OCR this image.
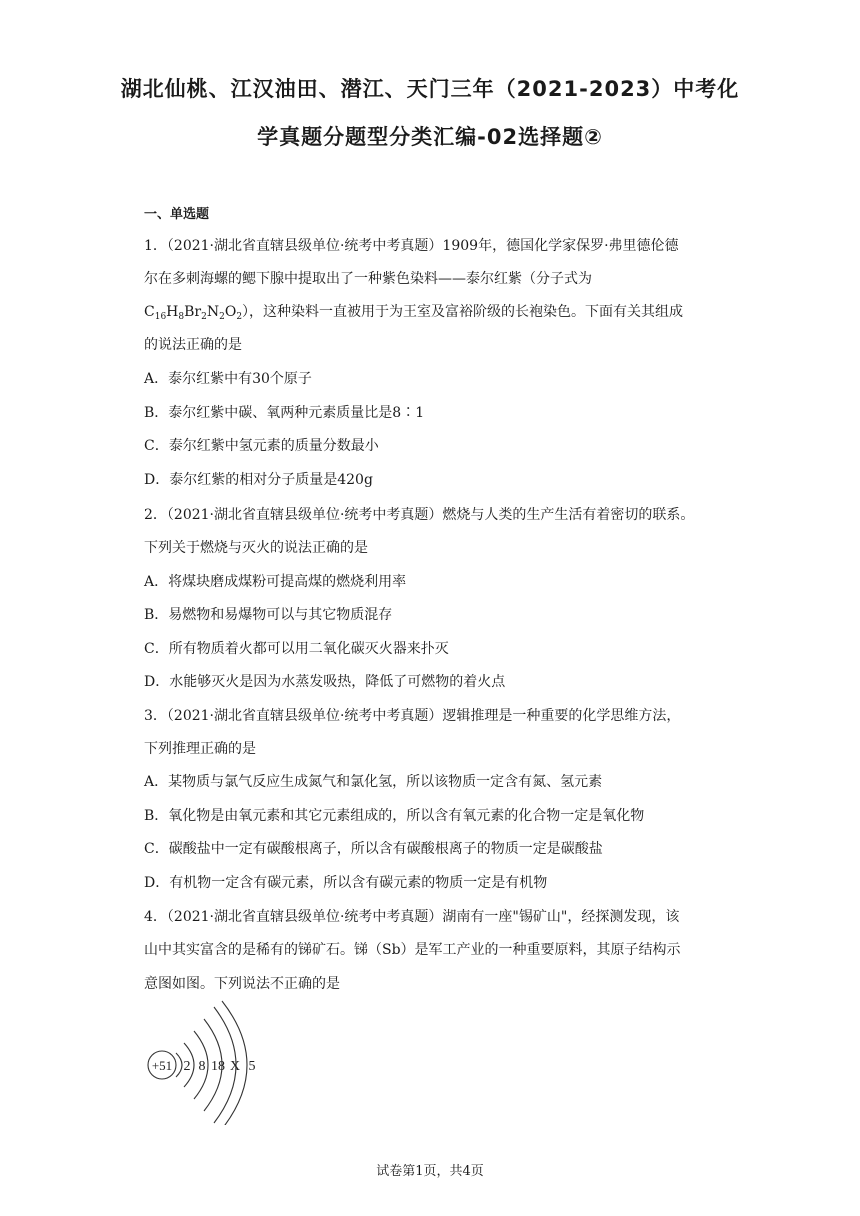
湖北仙桃、江汉油田、潜江、天门三年（2021-2023）中考化
学真题分题型分类汇编-02选择题②
一、单选题
1．（2021·湖北省直辖县级单位·统考中考真题）1909年，德国化学家保罗·弗里德伦德
尔在多刺海螺的鳃下腺中提取出了一种紫色染料——泰尔红紫（分子式为
$C_{16}H_8Br_2N_2O_2$），这种染料一直被用于为王室及富裕阶级的长袍染色。下面有关其组成
的说法正确的是
A．泰尔红紫中有30个原子
B．泰尔红紫中碳、氧两种元素质量比是8∶1
C．泰尔红紫中氢元素的质量分数最小
D．泰尔红紫的相对分子质量是420g
2．（2021·湖北省直辖县级单位·统考中考真题）燃烧与人类的生产生活有着密切的联系。
下列关于燃烧与灭火的说法正确的是
A．将煤块磨成煤粉可提高煤的燃烧利用率
B．易燃物和易爆物可以与其它物质混存
C．所有物质着火都可以用二氧化碳灭火器来扑灭
D．水能够灭火是因为水蒸发吸热，降低了可燃物的着火点
3．（2021·湖北省直辖县级单位·统考中考真题）逻辑推理是一种重要的化学思维方法，
下列推理正确的是
A．某物质与氯气反应生成氮气和氯化氢，所以该物质一定含有氮、氢元素
B．氧化物是由氧元素和其它元素组成的，所以含有氧元素的化合物一定是氧化物
C．碳酸盐中一定有碳酸根离子，所以含有碳酸根离子的物质一定是碳酸盐
D．有机物一定含有碳元素，所以含有碳元素的物质一定是有机物
4．（2021·湖北省直辖县级单位·统考中考真题）湖南有一座"锡矿山"，经探测发现，该
山中其实富含的是稀有的锑矿石。锑（Sb）是军工产业的一种重要原料，其原子结构示
意图如图。下列说法不正确的是
+51 2 8 18 X 5
试卷第1页，共4页
